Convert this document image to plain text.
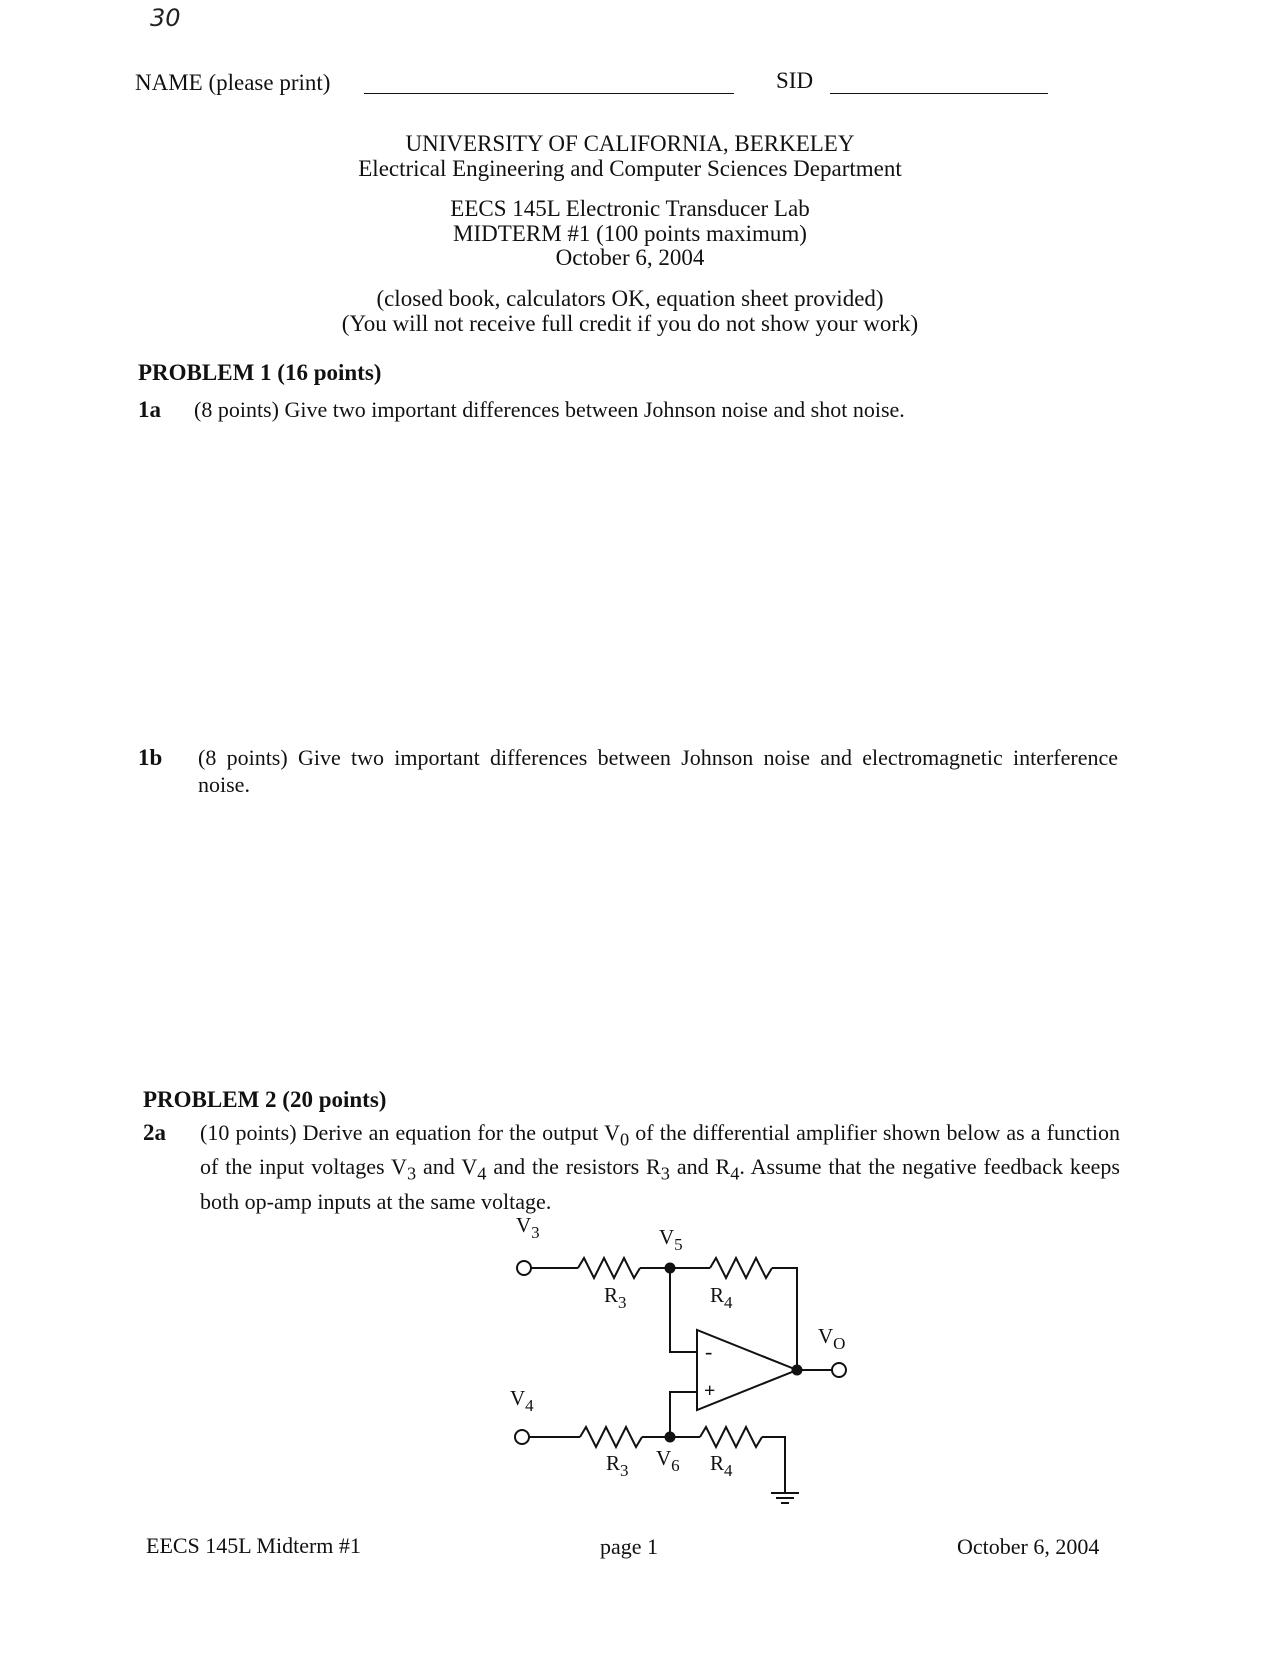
30
NAME (please print)	SID
UNIVERSITY OF CALIFORNIA, BERKELEY
Electrical Engineering and Computer Sciences Department
EECS 145L Electronic Transducer Lab
MIDTERM #1 (100 points maximum)
October 6, 2004
(closed book, calculators OK, equation sheet provided)
(You will not receive full credit if you do not show your work)
PROBLEM 1 (16 points)
1a (8 points) Give two important differences between Johnson noise and shot noise.
1b (8 points) Give two important differences between Johnson noise and electromagnetic interference noise.
PROBLEM 2 (20 points)
2a (10 points) Derive an equation for the output $V_0$ of the differential amplifier shown below as a function of the input voltages $V_3$ and $V_4$ and the resistors $R_3$ and $R_4$. Assume that the negative feedback keeps both op-amp inputs at the same voltage.
$V_3$	$V_5$
$R_3$	$R_4$
$V_O$
$V_4$
$R_3$
$V_6$ $R_4$
-
+
EECS 145L Midterm #1	page 1	October 6, 2004
